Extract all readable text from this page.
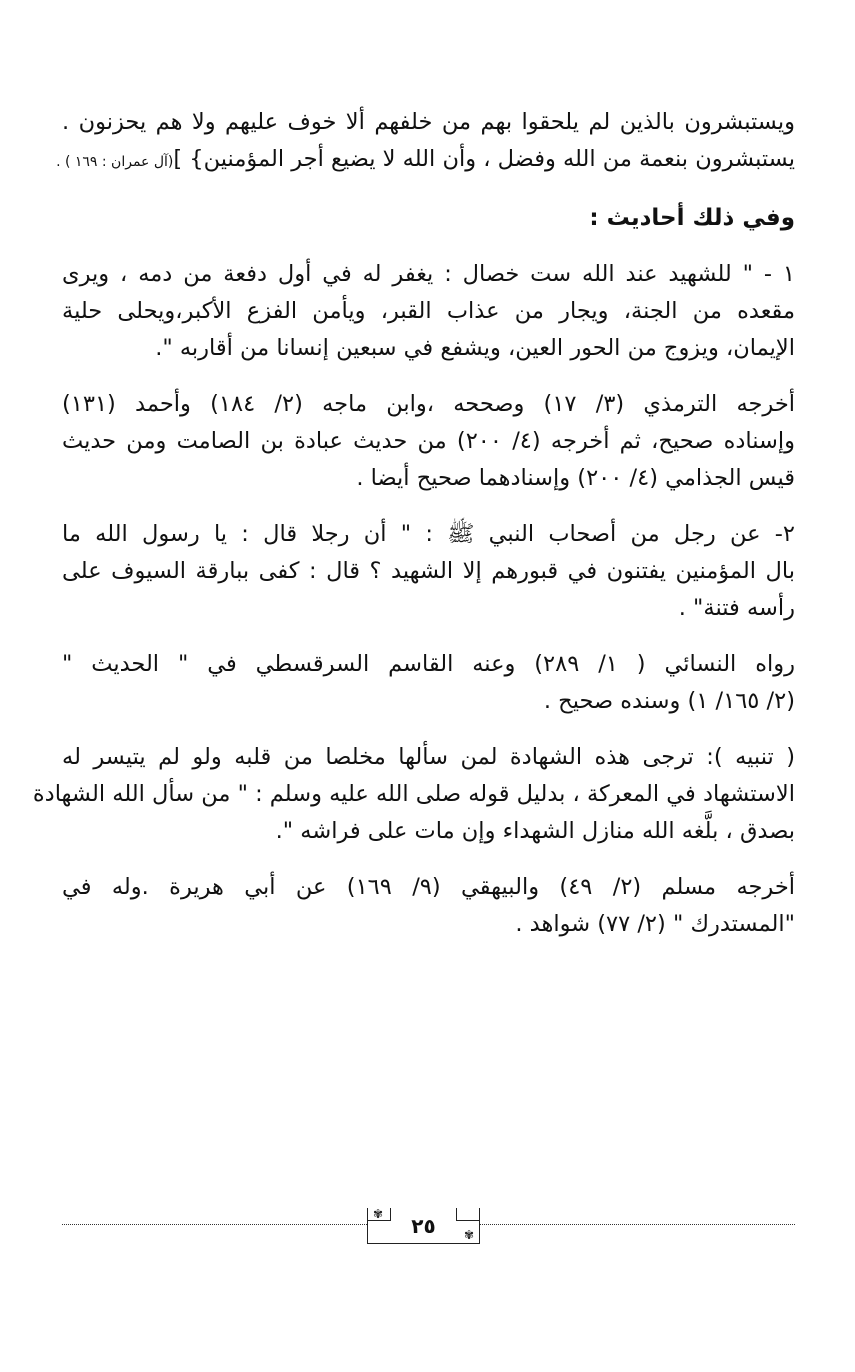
ويستبشرون بالذين لم يلحقوا بهم من خلفهم ألا خوف عليهم ولا هم يحزنون .

يستبشرون بنعمة من الله وفضل ، وأن الله لا يضيع أجر المؤمنين} ](آل عمران : ١٦٩ ) .

وفي ذلك أحاديث :

١ - " للشهيد عند الله ست خصال : يغفر له في أول دفعة من دمه ، ويرى

مقعده من الجنة، ويجار من عذاب القبر، ويأمن الفزع الأكبر،ويحلى حلية

الإيمان، ويزوج من الحور العين، ويشفع في سبعين إنسانا من أقاربه ".

أخرجه الترمذي (٣/ ١٧) وصححه ،وابن ماجه (٢/ ١٨٤) وأحمد (١٣١)

وإسناده صحيح، ثم أخرجه (٤/ ٢٠٠) من حديث عبادة بن الصامت ومن حديث

قيس الجذامي (٤/ ٢٠٠) وإسنادهما صحيح أيضا .

٢- عن رجل من أصحاب النبي ﷺ : " أن رجلا قال : يا رسول الله ما

بال المؤمنين يفتنون في قبورهم إلا الشهيد ؟ قال : كفى ببارقة السيوف على

رأسه فتنة" .

رواه النسائي ( ١/ ٢٨٩) وعنه القاسم السرقسطي في " الحديث "

(٢/ ١٦٥/ ١) وسنده صحيح .

( تنبيه ): ترجى هذه الشهادة لمن سألها مخلصا من قلبه ولو لم يتيسر له

الاستشهاد في المعركة ، بدليل قوله صلى الله عليه وسلم : " من سأل الله الشهادة

بصدق ، بلَّغه الله منازل الشهداء وإن مات على فراشه ".

أخرجه مسلم (٢/ ٤٩) والبيهقي (٩/ ١٦٩) عن أبي هريرة .وله في

"المستدرك " (٢/ ٧٧) شواهد .

✾	٢٥	✾
